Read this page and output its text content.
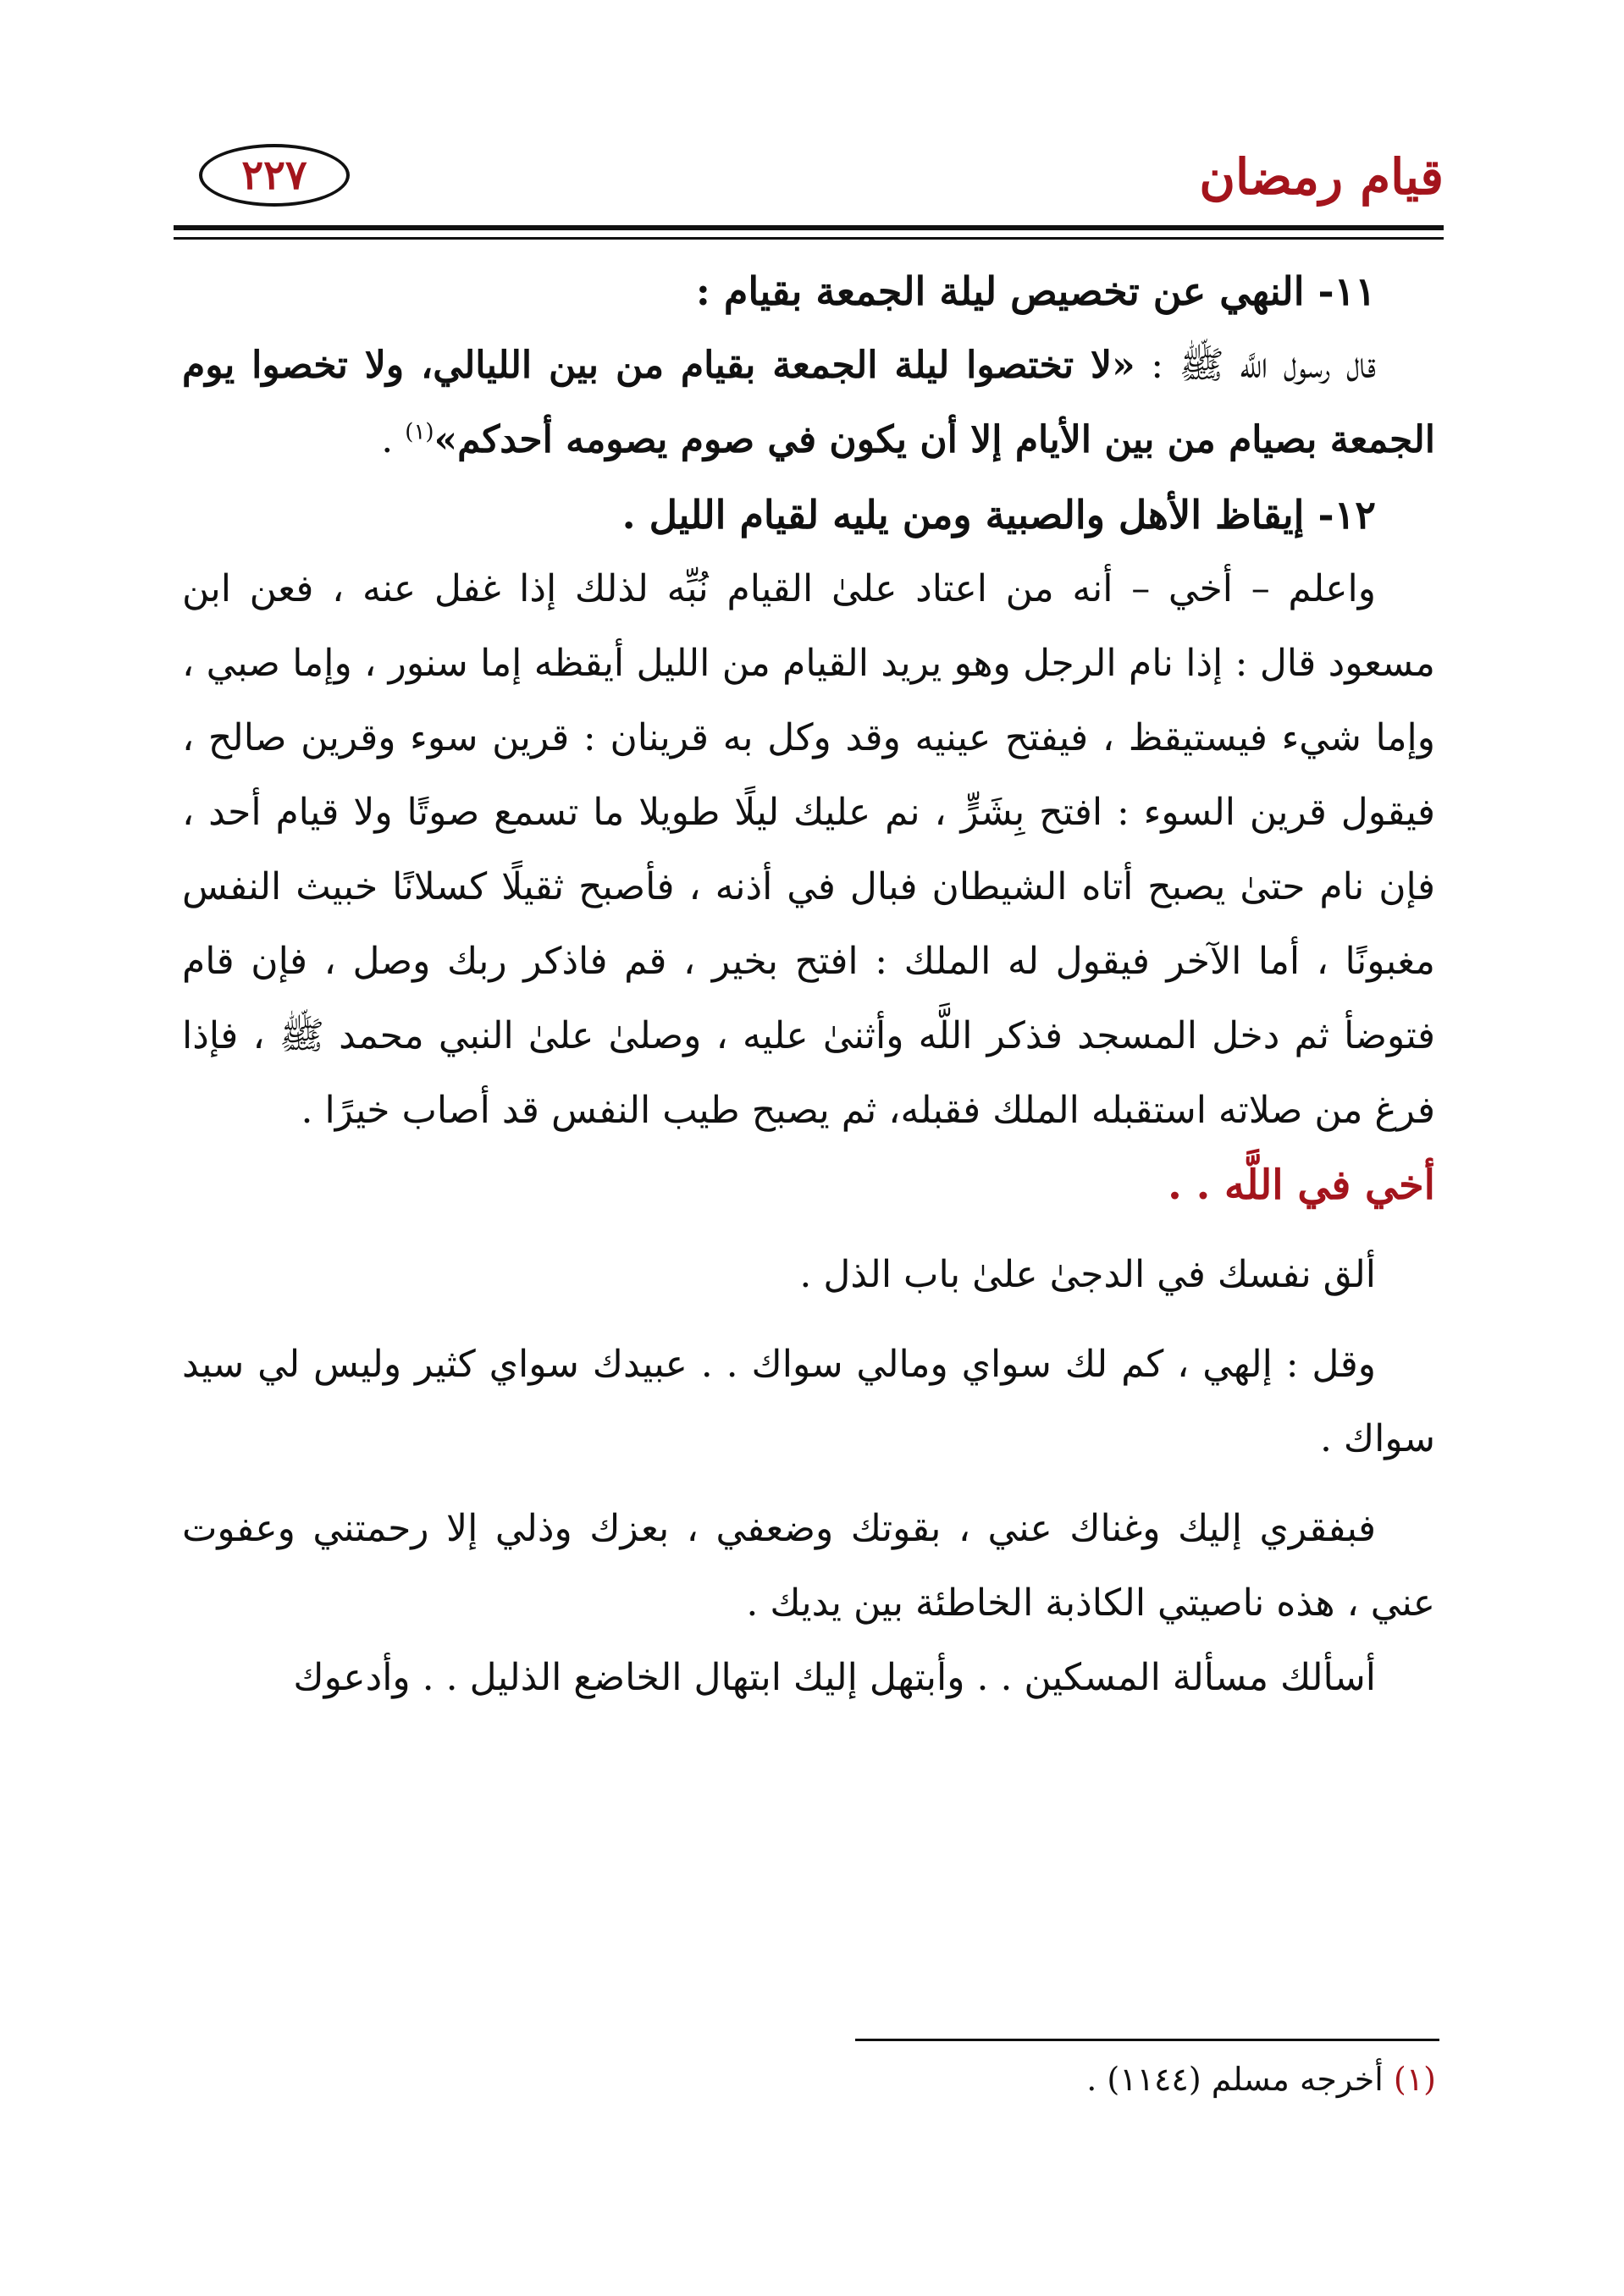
قيام رمضان
٢٢٧

١١- النهي عن تخصيص ليلة الجمعة بقيام :

قال رسول اللَّه ﷺ : «لا تختصوا ليلة الجمعة بقيام من بين الليالي، ولا تخصوا يوم الجمعة بصيام من بين الأيام إلا أن يكون في صوم يصومه أحدكم»$^{(١)}$ .

١٢- إيقاظ الأهل والصبية ومن يليه لقيام الليل .

واعلم – أخي – أنه من اعتاد علىٰ القيام نُبِّه لذلك إذا غفل عنه ، فعن ابن مسعود قال : إذا نام الرجل وهو يريد القيام من الليل أيقظه إما سنور ، وإما صبي ، وإما شيء فيستيقظ ، فيفتح عينيه وقد وكل به قرينان : قرين سوء وقرين صالح ، فيقول قرين السوء : افتح بِشَرٍّ ، نم عليك ليلًا طويلا ما تسمع صوتًا ولا قيام أحد ، فإن نام حتىٰ يصبح أتاه الشيطان فبال في أذنه ، فأصبح ثقيلًا كسلانًا خبيث النفس مغبونًا ، أما الآخر فيقول له الملك : افتح بخير ، قم فاذكر ربك وصل ، فإن قام فتوضأ ثم دخل المسجد فذكر اللَّه وأثنىٰ عليه ، وصلىٰ علىٰ النبي محمد ﷺ ، فإذا فرغ من صلاته استقبله الملك فقبله، ثم يصبح طيب النفس قد أصاب خيرًا .

أخي في اللَّه . .

ألق نفسك في الدجىٰ علىٰ باب الذل .

وقل : إلهي ، كم لك سواي ومالي سواك . . عبيدك سواي كثير وليس لي سيد سواك .

فبفقري إليك وغناك عني ، بقوتك وضعفي ، بعزك وذلي إلا رحمتني وعفوت عني ، هذه ناصيتي الكاذبة الخاطئة بين يديك .

أسألك مسألة المسكين . . وأبتهل إليك ابتهال الخاضع الذليل . . وأدعوك

(١) أخرجه مسلم (١١٤٤) .
